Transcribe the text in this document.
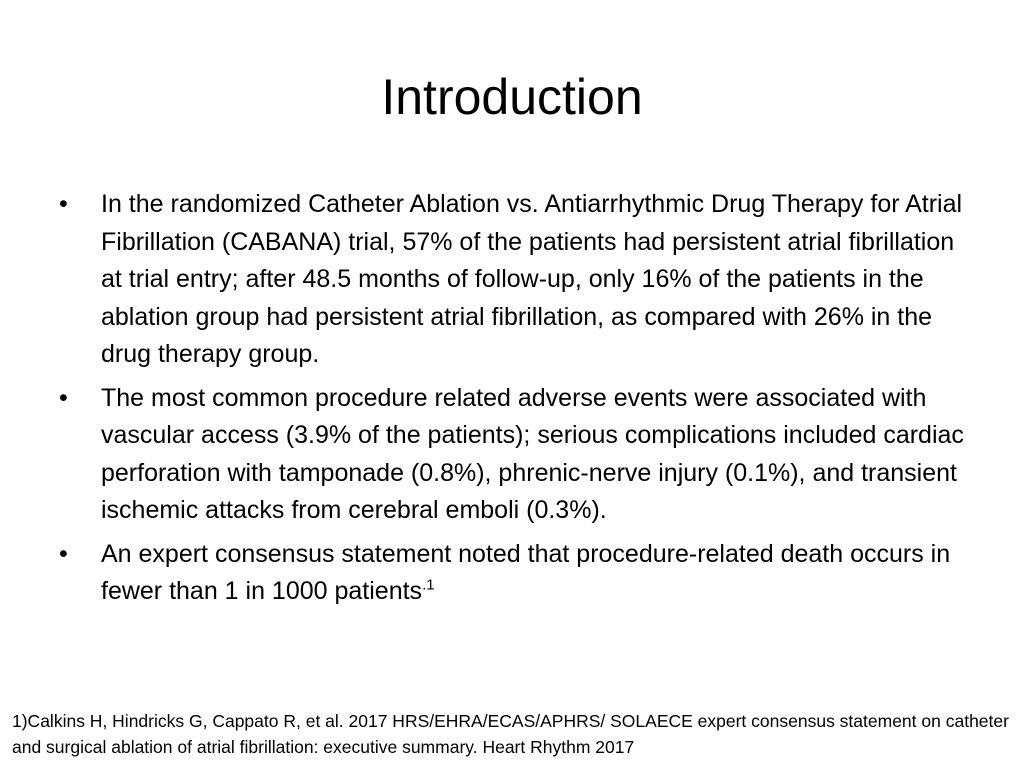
Introduction
• In the randomized Catheter Ablation vs. Antiarrhythmic Drug Therapy for Atrial Fibrillation (CABANA) trial, 57% of the patients had persistent atrial fibrillation at trial entry; after 48.5 months of follow-up, only 16% of the patients in the ablation group had persistent atrial fibrillation, as compared with 26% in the drug therapy group.
• The most common procedure related adverse events were associated with vascular access (3.9% of the patients); serious complications included cardiac perforation with tamponade (0.8%), phrenic-nerve injury (0.1%), and transient ischemic attacks from cerebral emboli (0.3%).
• An expert consensus statement noted that procedure-related death occurs in fewer than 1 in 1000 patients$^{.1}$

1)Calkins H, Hindricks G, Cappato R, et al. 2017 HRS/EHRA/ECAS/APHRS/ SOLAECE expert consensus statement on catheter and surgical ablation of atrial fibrillation: executive summary. Heart Rhythm 2017
